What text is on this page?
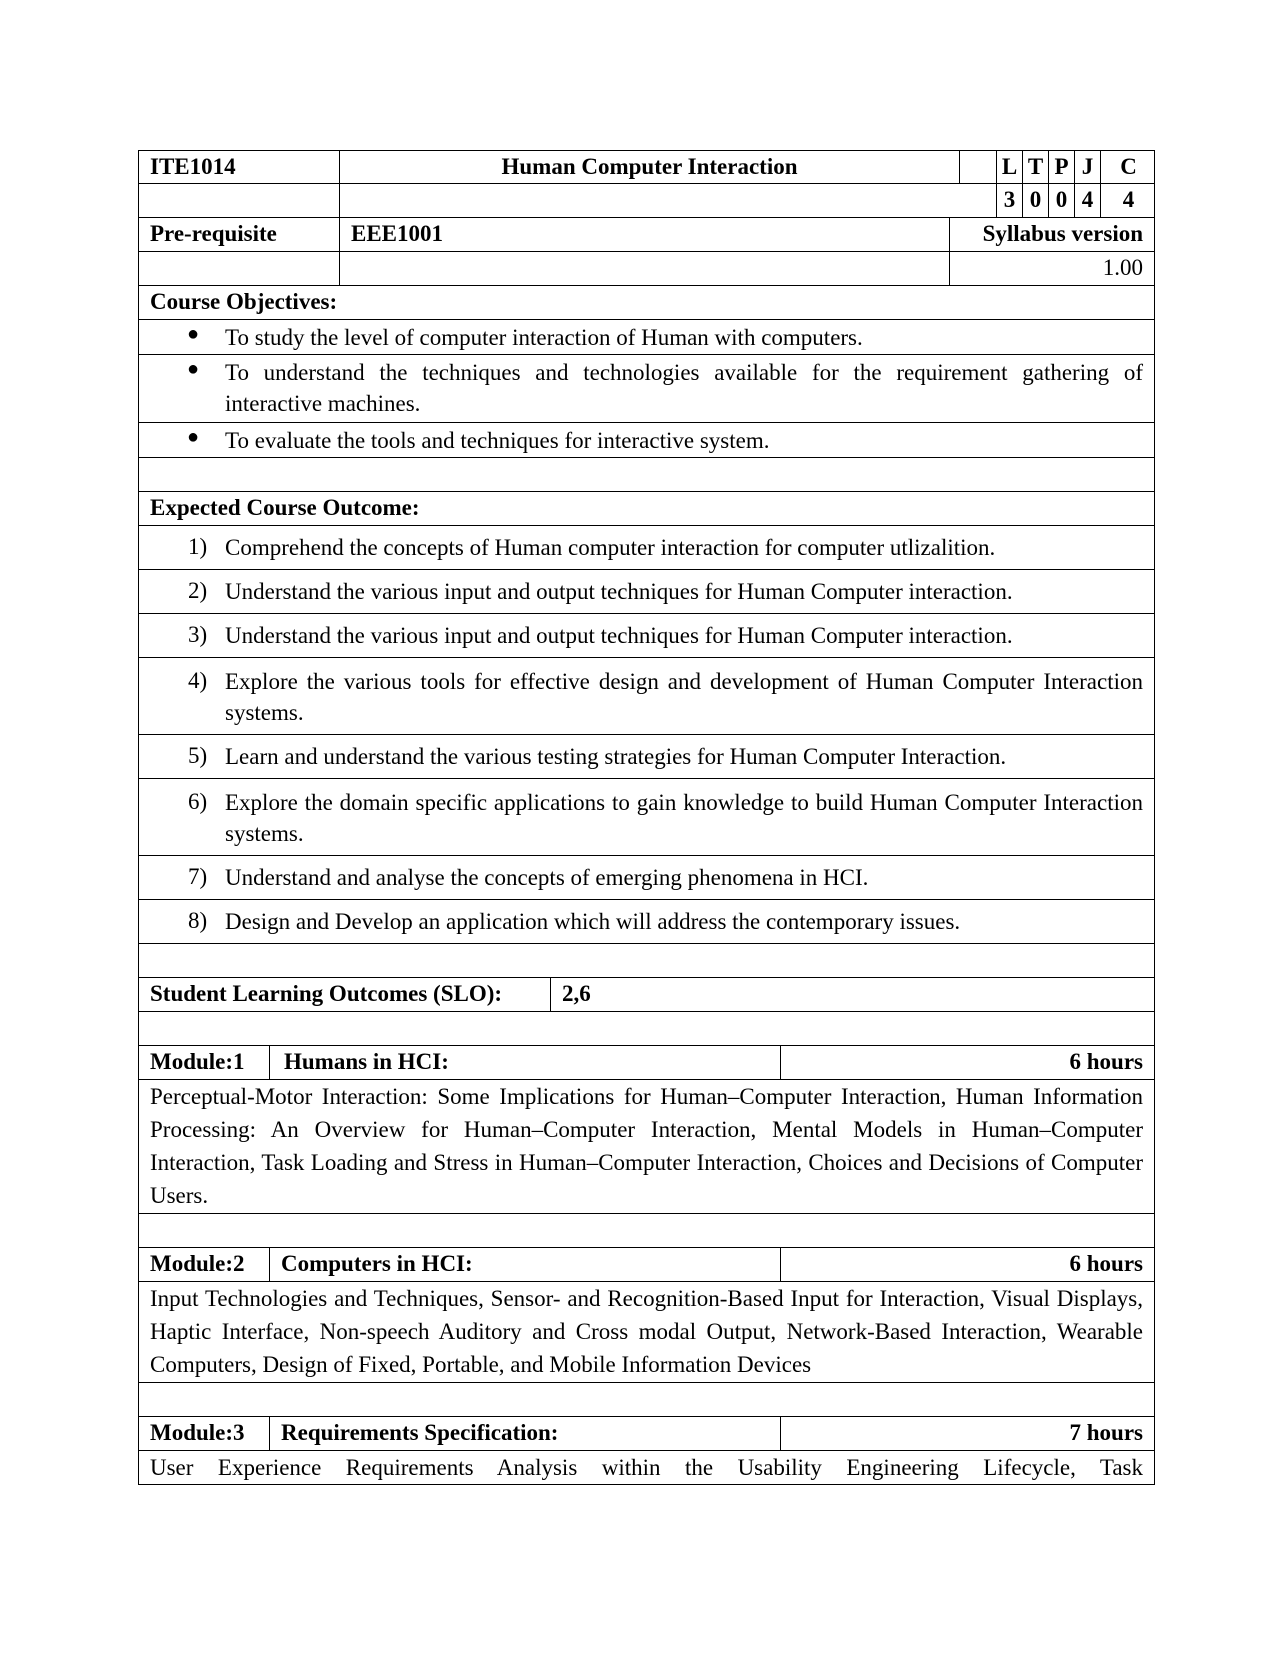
ITE1014	Human Computer Interaction	L T P J	C
3 0 0 4	4
Pre-requisite	EEE1001	Syllabus version
1.00
Course Objectives:
● To study the level of computer interaction of Human with computers.
● To understand the techniques and technologies available for the requirement gathering of interactive machines.
● To evaluate the tools and techniques for interactive system.
Expected Course Outcome:
1) Comprehend the concepts of Human computer interaction for computer utlizalition.
2) Understand the various input and output techniques for Human Computer interaction.
3) Understand the various input and output techniques for Human Computer interaction.
4) Explore the various tools for effective design and development of Human Computer Interaction systems.
5) Learn and understand the various testing strategies for Human Computer Interaction.
6) Explore the domain specific applications to gain knowledge to build Human Computer Interaction systems.
7) Understand and analyse the concepts of emerging phenomena in HCI.
8) Design and Develop an application which will address the contemporary issues.
Student Learning Outcomes (SLO):	2,6
Module:1 Humans in HCI:	6 hours
Perceptual-Motor Interaction: Some Implications for Human–Computer Interaction, Human Information Processing: An Overview for Human–Computer Interaction, Mental Models in Human–Computer Interaction, Task Loading and Stress in Human–Computer Interaction, Choices and Decisions of Computer Users.
Module:2 Computers in HCI:	6 hours
Input Technologies and Techniques, Sensor- and Recognition-Based Input for Interaction, Visual Displays, Haptic Interface, Non-speech Auditory and Cross modal Output, Network-Based Interaction, Wearable Computers, Design of Fixed, Portable, and Mobile Information Devices
Module:3 Requirements Specification:	7 hours
User Experience Requirements Analysis within the Usability Engineering Lifecycle, Task
